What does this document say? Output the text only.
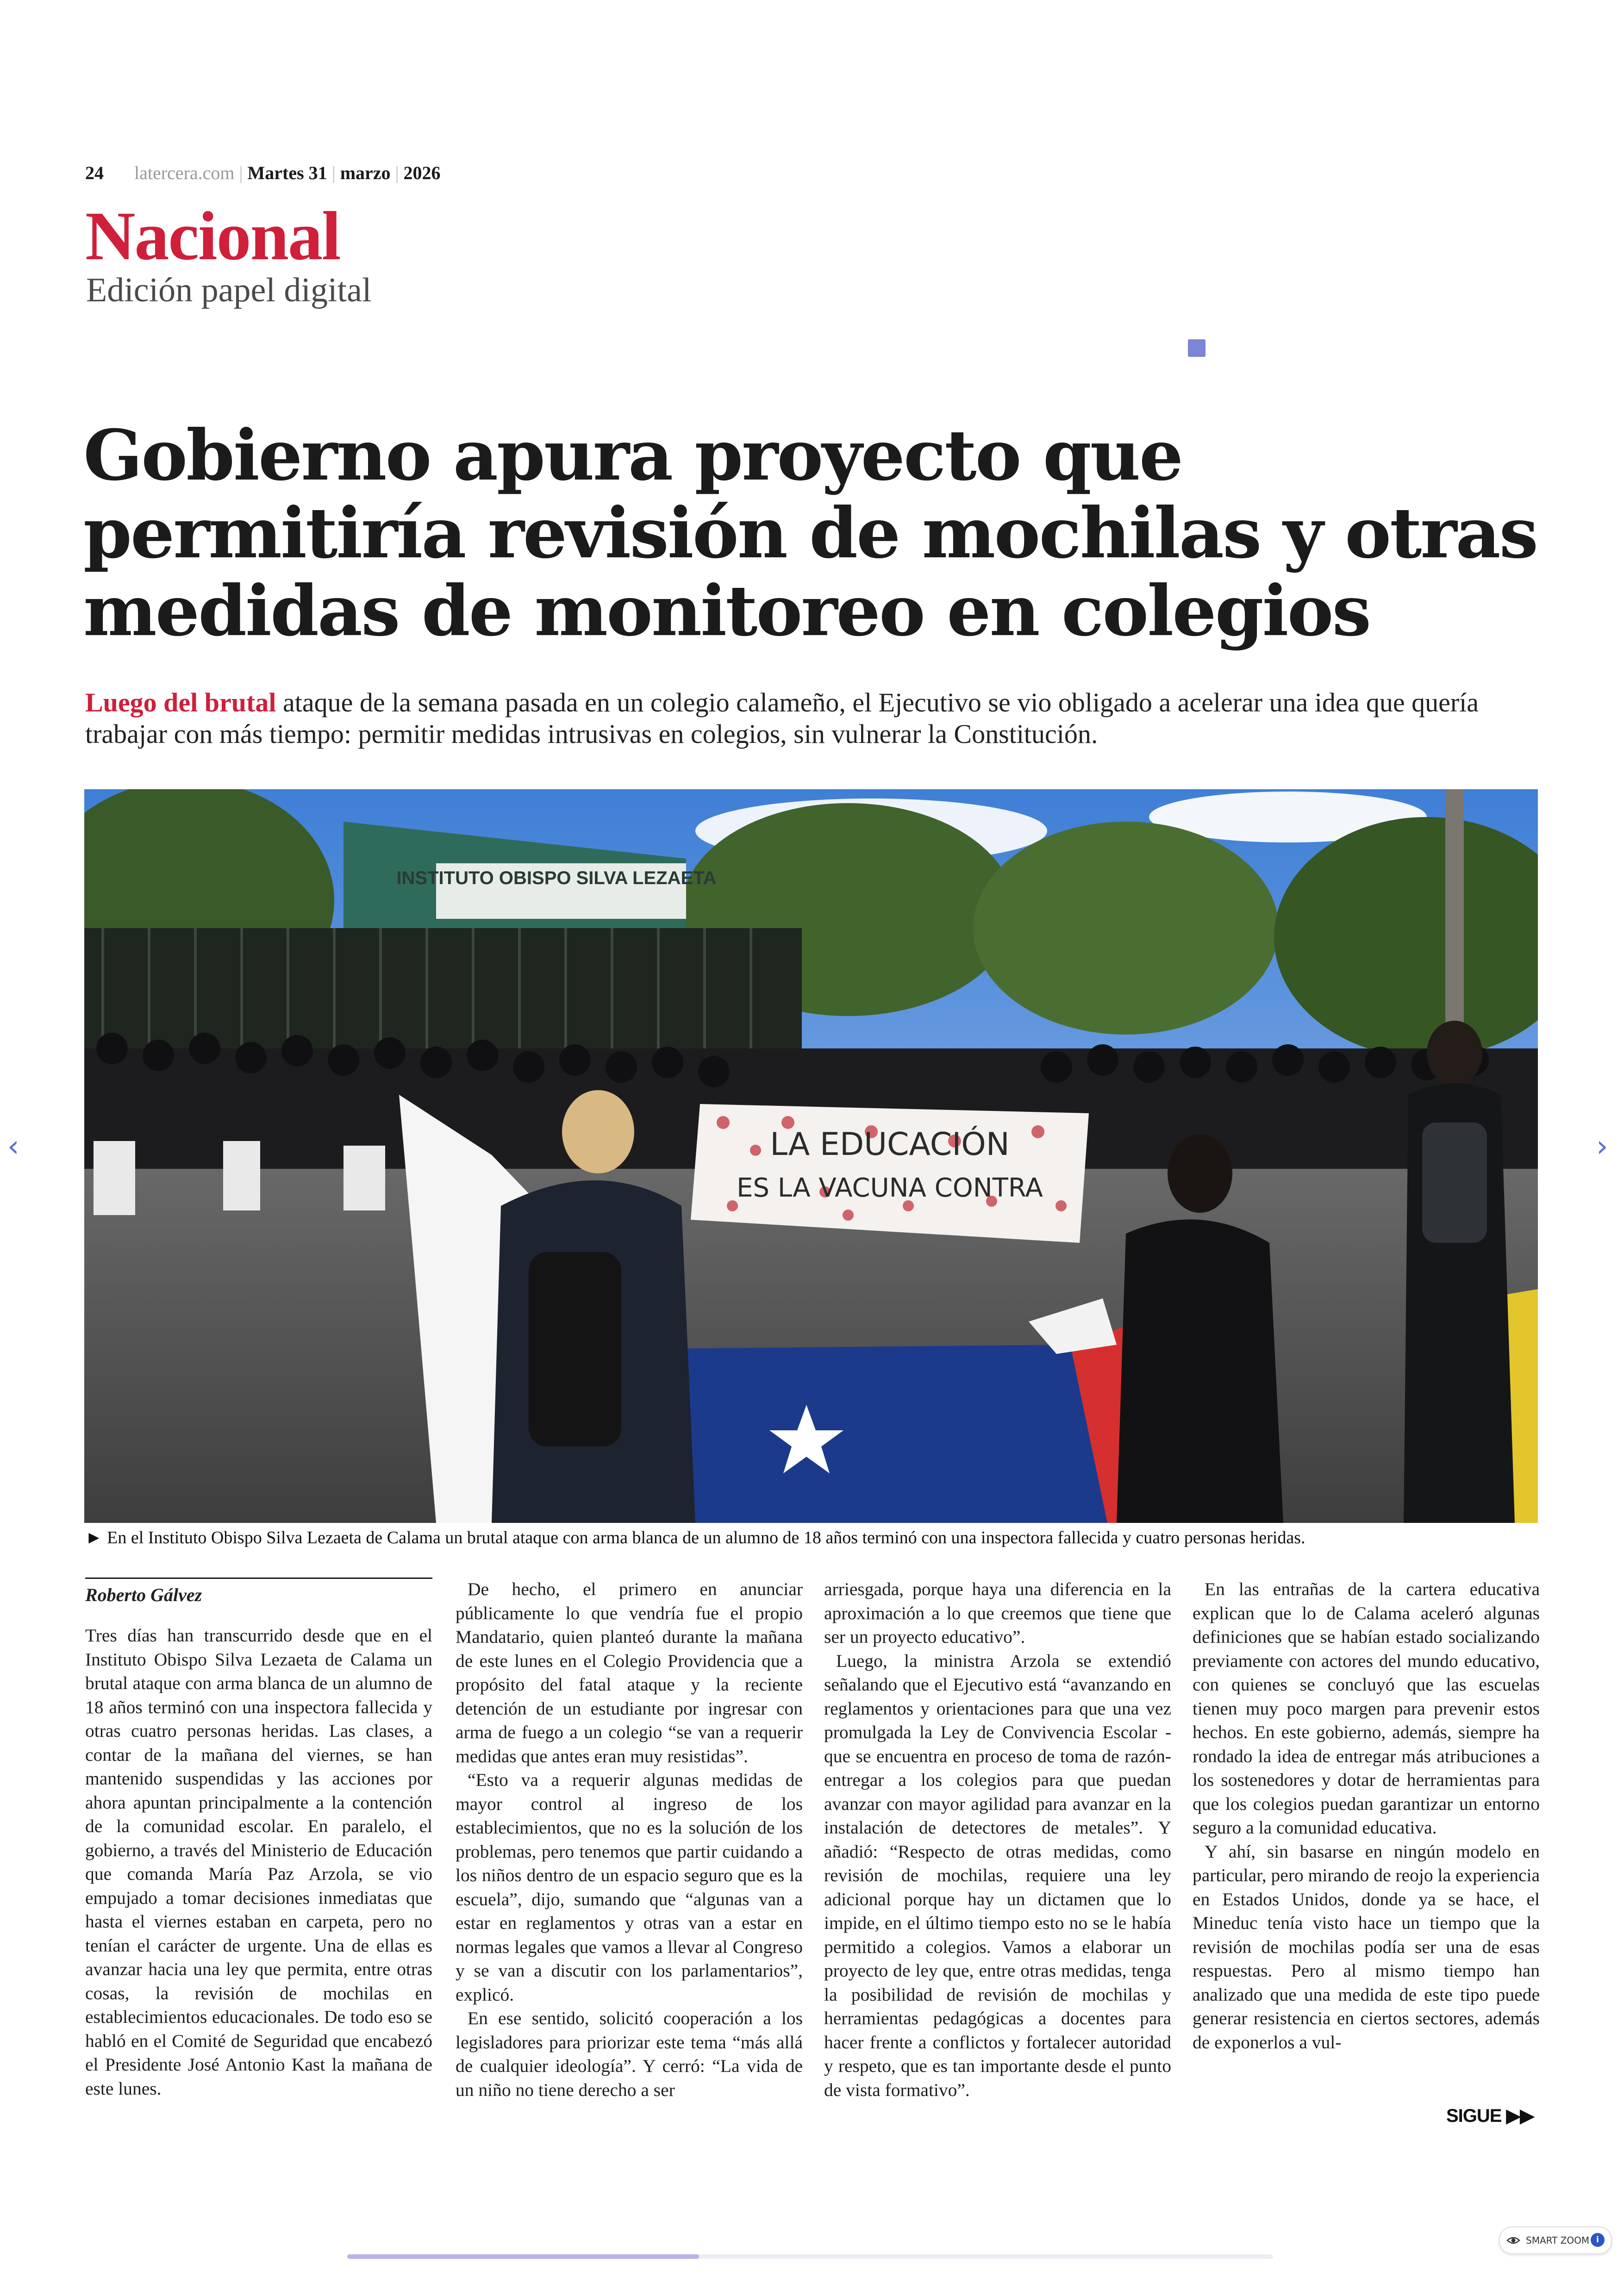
24 latercera.com | Martes 31 | marzo | 2026
Nacional
Edición papel digital
Gobierno apura proyecto que permitiría revisión de mochilas y otras medidas de monitoreo en colegios

Luego del brutal ataque de la semana pasada en un colegio calameño, el Ejecutivo se vio obligado a acelerar una idea que quería trabajar con más tiempo: permitir medidas intrusivas en colegios, sin vulnerar la Constitución.

INSTITUTO OBISPO SILVA LEZAETA
LA EDUCACIÓN
ES LA VACUNA CONTRA
► En el Instituto Obispo Silva Lezaeta de Calama un brutal ataque con arma blanca de un alumno de 18 años terminó con una inspectora fallecida y cuatro personas heridas.
Roberto Gálvez

Tres días han transcurrido desde que en el Instituto Obispo Silva Lezaeta de Calama un brutal ataque con arma blanca de un alumno de 18 años terminó con una inspectora fallecida y otras cuatro personas heridas. Las clases, a contar de la mañana del viernes, se han mantenido suspendidas y las acciones por ahora apuntan principalmente a la contención de la comunidad escolar. En paralelo, el gobierno, a través del Ministerio de Educación que comanda María Paz Arzola, se vio empujado a tomar decisiones inmediatas que hasta el viernes estaban en carpeta, pero no tenían el carácter de urgente. Una de ellas es avanzar hacia una ley que permita, entre otras cosas, la revisión de mochilas en establecimientos educacionales. De todo eso se habló en el Comité de Seguridad que encabezó el Presidente José Antonio Kast la mañana de este lunes.

De hecho, el primero en anunciar públicamente lo que vendría fue el propio Mandatario, quien planteó durante la mañana de este lunes en el Colegio Providencia que a propósito del fatal ataque y la reciente detención de un estudiante por ingresar con arma de fuego a un colegio “se van a requerir medidas que antes eran muy resistidas”.

“Esto va a requerir algunas medidas de mayor control al ingreso de los establecimientos, que no es la solución de los problemas, pero tenemos que partir cuidando a los niños dentro de un espacio seguro que es la escuela”, dijo, sumando que “algunas van a estar en reglamentos y otras van a estar en normas legales que vamos a llevar al Congreso y se van a discutir con los parlamentarios”, explicó.

En ese sentido, solicitó cooperación a los legisladores para priorizar este tema “más allá de cualquier ideología”. Y cerró: “La vida de un niño no tiene derecho a ser

arriesgada, porque haya una diferencia en la aproximación a lo que creemos que tiene que ser un proyecto educativo”.

Luego, la ministra Arzola se extendió señalando que el Ejecutivo está “avanzando en reglamentos y orientaciones para que una vez promulgada la Ley de Convivencia Escolar -que se encuentra en proceso de toma de razón- entregar a los colegios para que puedan avanzar con mayor agilidad para avanzar en la instalación de detectores de metales”. Y añadió: “Respecto de otras medidas, como revisión de mochilas, requiere una ley adicional porque hay un dictamen que lo impide, en el último tiempo esto no se le había permitido a colegios. Vamos a elaborar un proyecto de ley que, entre otras medidas, tenga la posibilidad de revisión de mochilas y herramientas pedagógicas a docentes para hacer frente a conflictos y fortalecer autoridad y respeto, que es tan importante desde el punto de vista formativo”.

En las entrañas de la cartera educativa explican que lo de Calama aceleró algunas definiciones que se habían estado socializando previamente con actores del mundo educativo, con quienes se concluyó que las escuelas tienen muy poco margen para prevenir estos hechos. En este gobierno, además, siempre ha rondado la idea de entregar más atribuciones a los sostenedores y dotar de herramientas para que los colegios puedan garantizar un entorno seguro a la comunidad educativa.

Y ahí, sin basarse en ningún modelo en particular, pero mirando de reojo la experiencia en Estados Unidos, donde ya se hace, el Mineduc tenía visto hace un tiempo que la revisión de mochilas podía ser una de esas respuestas. Pero al mismo tiempo han analizado que una medida de este tipo puede generar resistencia en ciertos sectores, además de exponerlos a vul-

SIGUE ▶▶
‹	›
SMART ZOOM i
